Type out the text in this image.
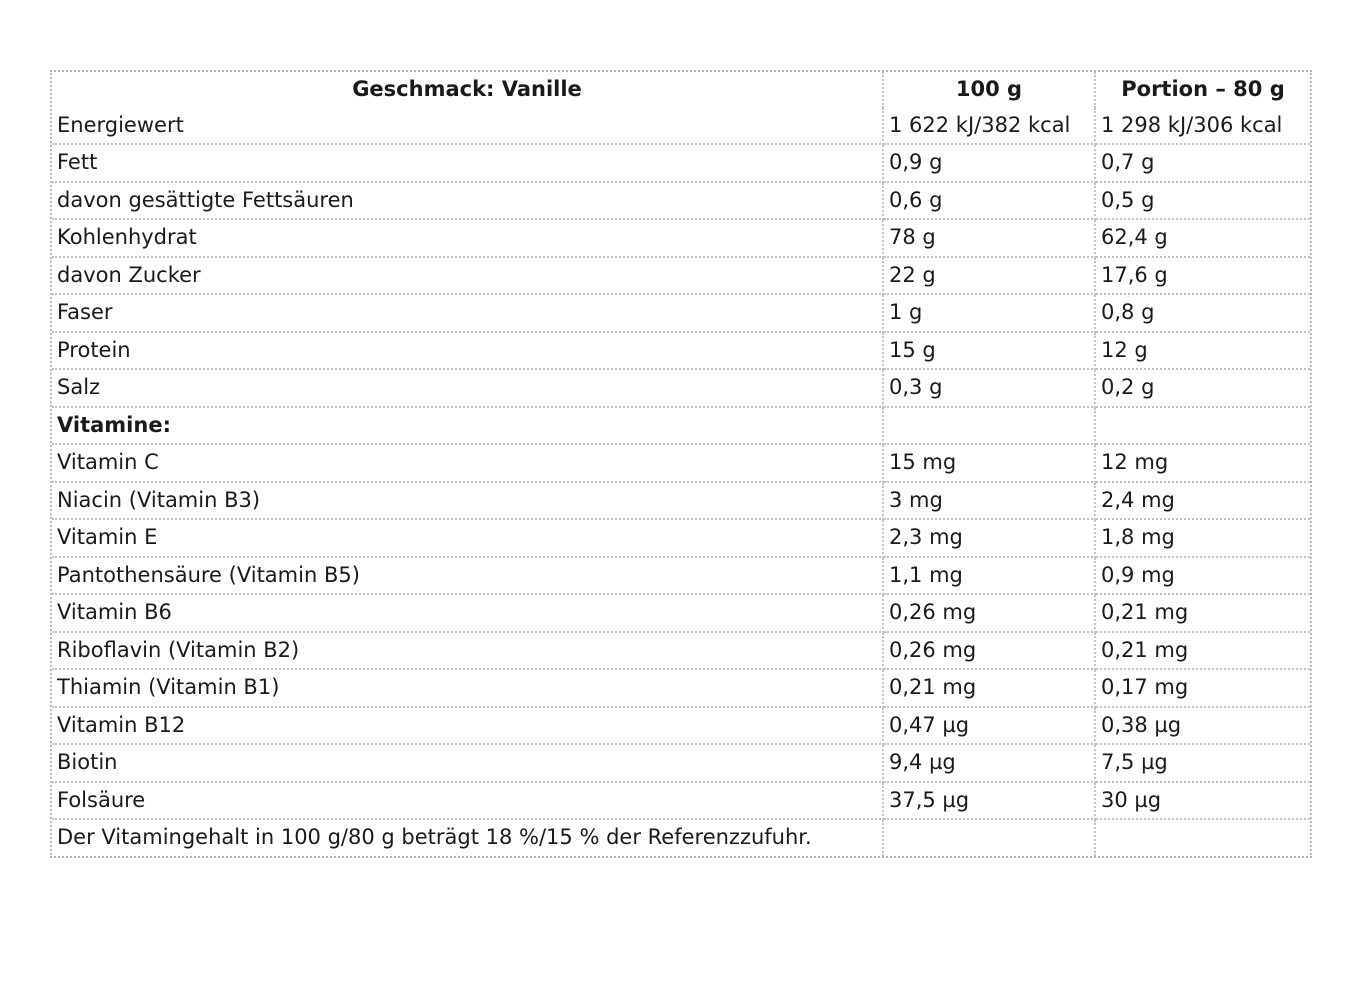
Geschmack: Vanille	100 g	Portion – 80 g
Energiewert	1 622 kJ/382 kcal	1 298 kJ/306 kcal
Fett	0,9 g	0,7 g
davon gesättigte Fettsäuren	0,6 g	0,5 g
Kohlenhydrat	78 g	62,4 g
davon Zucker	22 g	17,6 g
Faser	1 g	0,8 g
Protein	15 g	12 g
Salz	0,3 g	0,2 g
Vitamine:		
Vitamin C	15 mg	12 mg
Niacin (Vitamin B3)	3 mg	2,4 mg
Vitamin E	2,3 mg	1,8 mg
Pantothensäure (Vitamin B5)	1,1 mg	0,9 mg
Vitamin B6	0,26 mg	0,21 mg
Riboflavin (Vitamin B2)	0,26 mg	0,21 mg
Thiamin (Vitamin B1)	0,21 mg	0,17 mg
Vitamin B12	0,47 µg	0,38 µg
Biotin	9,4 µg	7,5 µg
Folsäure	37,5 µg	30 µg
Der Vitamingehalt in 100 g/80 g beträgt 18 %/15 % der Referenzzufuhr.		
